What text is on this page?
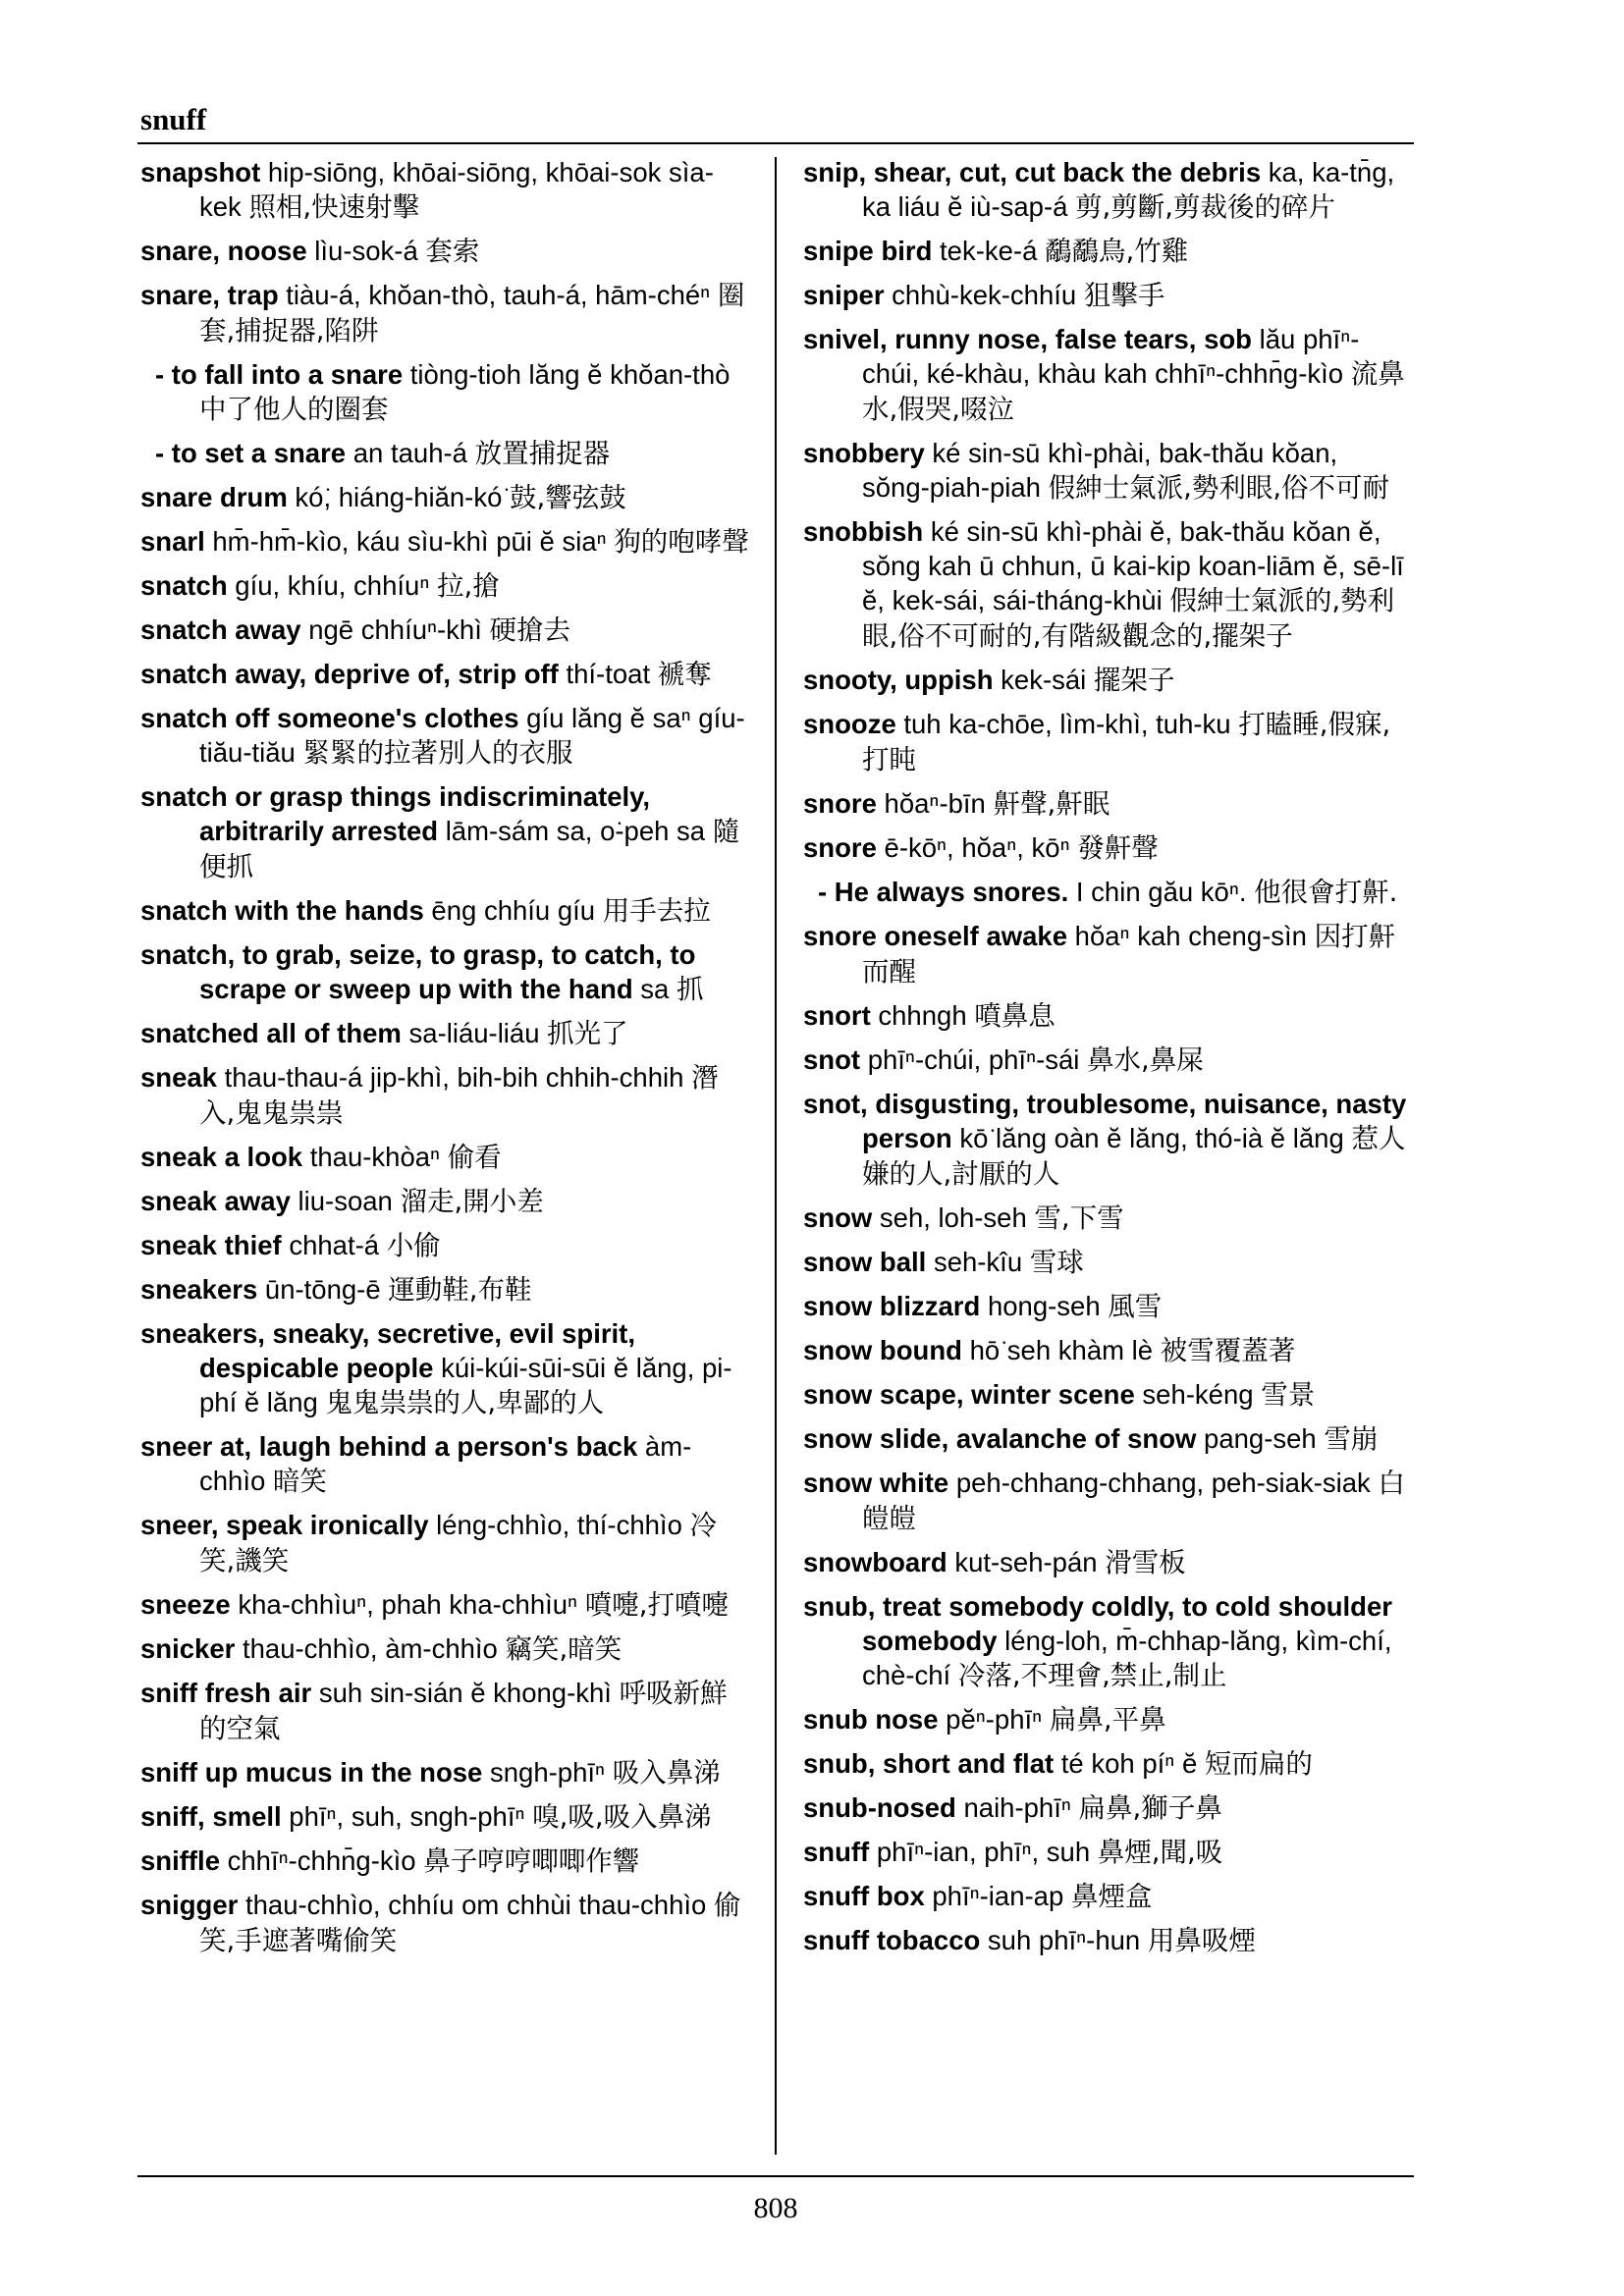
snuff
snapshot hip-siōng, khōai-siōng, khōai-sok sìa-kek 照相,快速射擊
snare, noose lìu-sok-á 套索
snare, trap tiàu-á, khŏan-thò, tauh-á, hām-chéⁿ 圈套,捕捉器,陷阱
- to fall into a snare tiòng-tioh lăng ĕ khŏan-thò 中了他人的圈套
- to set a snare an tauh-á 放置捕捉器
snare drum kó͘, hiáng-hiăn-kó͘ 鼓,響弦鼓
snarl hm̄-hm̄-kìo, káu sìu-khì pūi ĕ siaⁿ 狗的咆哮聲
snatch gíu, khíu, chhíuⁿ 拉,搶
snatch away ngē chhíuⁿ-khì 硬搶去
snatch away, deprive of, strip off thí-toat 褫奪
snatch off someone's clothes gíu lăng ĕ saⁿ gíu-tiău-tiău 緊緊的拉著別人的衣服
snatch or grasp things indiscriminately, arbitrarily arrested lām-sám sa, o͘-peh sa 隨便抓
snatch with the hands ēng chhíu gíu 用手去拉
snatch, to grab, seize, to grasp, to catch, to scrape or sweep up with the hand sa 抓
snatched all of them sa-liáu-liáu 抓光了
sneak thau-thau-á jip-khì, bih-bih chhih-chhih 潛入,鬼鬼祟祟
sneak a look thau-khòaⁿ 偷看
sneak away liu-soan 溜走,開小差
sneak thief chhat-á 小偷
sneakers ūn-tōng-ē 運動鞋,布鞋
sneakers, sneaky, secretive, evil spirit, despicable people kúi-kúi-sūi-sūi ĕ lăng, pi-phí ĕ lăng 鬼鬼祟祟的人,卑鄙的人
sneer at, laugh behind a person's back àm-chhìo 暗笑
sneer, speak ironically léng-chhìo, thí-chhìo 冷笑,譏笑
sneeze kha-chhìuⁿ, phah kha-chhìuⁿ 噴嚏,打噴嚏
snicker thau-chhìo, àm-chhìo 竊笑,暗笑
sniff fresh air suh sin-sián ĕ khong-khì 呼吸新鮮的空氣
sniff up mucus in the nose sngh-phīⁿ 吸入鼻涕
sniff, smell phīⁿ, suh, sngh-phīⁿ 嗅,吸,吸入鼻涕
sniffle chhīⁿ-chhn̄g-kìo 鼻子哼哼唧唧作響
snigger thau-chhìo, chhíu om chhùi thau-chhìo 偷笑,手遮著嘴偷笑
snip, shear, cut, cut back the debris ka, ka-tn̄g, ka liáu ĕ iù-sap-á 剪,剪斷,剪裁後的碎片
snipe bird tek-ke-á 鷸鷸鳥,竹雞
sniper chhù-kek-chhíu 狙擊手
snivel, runny nose, false tears, sob lău phīⁿ-chúi, ké-khàu, khàu kah chhīⁿ-chhn̄g-kìo 流鼻水,假哭,啜泣
snobbery ké sin-sū khì-phài, bak-thău kŏan, sŏng-piah-piah 假紳士氣派,勢利眼,俗不可耐
snobbish ké sin-sū khì-phài ĕ, bak-thău kŏan ĕ, sŏng kah ū chhun, ū kai-kip koan-liām ĕ, sē-lī ĕ, kek-sái, sái-tháng-khùi 假紳士氣派的,勢利眼,俗不可耐的,有階級觀念的,擺架子
snooty, uppish kek-sái 擺架子
snooze tuh ka-chōe, lìm-khì, tuh-ku 打瞌睡,假寐,打盹
snore hŏaⁿ-bīn 鼾聲,鼾眠
snore ē-kōⁿ, hŏaⁿ, kōⁿ 發鼾聲
- He always snores. I chin gău kōⁿ. 他很會打鼾.
snore oneself awake hŏaⁿ kah cheng-sìn 因打鼾而醒
snort chhngh 噴鼻息
snot phīⁿ-chúi, phīⁿ-sái 鼻水,鼻屎
snot, disgusting, troublesome, nuisance, nasty person kō͘ lăng oàn ĕ lăng, thó-ià ĕ lăng 惹人嫌的人,討厭的人
snow seh, loh-seh 雪,下雪
snow ball seh-kîu 雪球
snow blizzard hong-seh 風雪
snow bound hō͘ seh khàm lè 被雪覆蓋著
snow scape, winter scene seh-kéng 雪景
snow slide, avalanche of snow pang-seh 雪崩
snow white peh-chhang-chhang, peh-siak-siak 白皚皚
snowboard kut-seh-pán 滑雪板
snub, treat somebody coldly, to cold shoulder somebody léng-loh, m̄-chhap-lăng, kìm-chí, chè-chí 冷落,不理會,禁止,制止
snub nose pĕⁿ-phīⁿ 扁鼻,平鼻
snub, short and flat té koh píⁿ ĕ 短而扁的
snub-nosed naih-phīⁿ 扁鼻,獅子鼻
snuff phīⁿ-ian, phīⁿ, suh 鼻煙,聞,吸
snuff box phīⁿ-ian-ap 鼻煙盒
snuff tobacco suh phīⁿ-hun 用鼻吸煙
808
